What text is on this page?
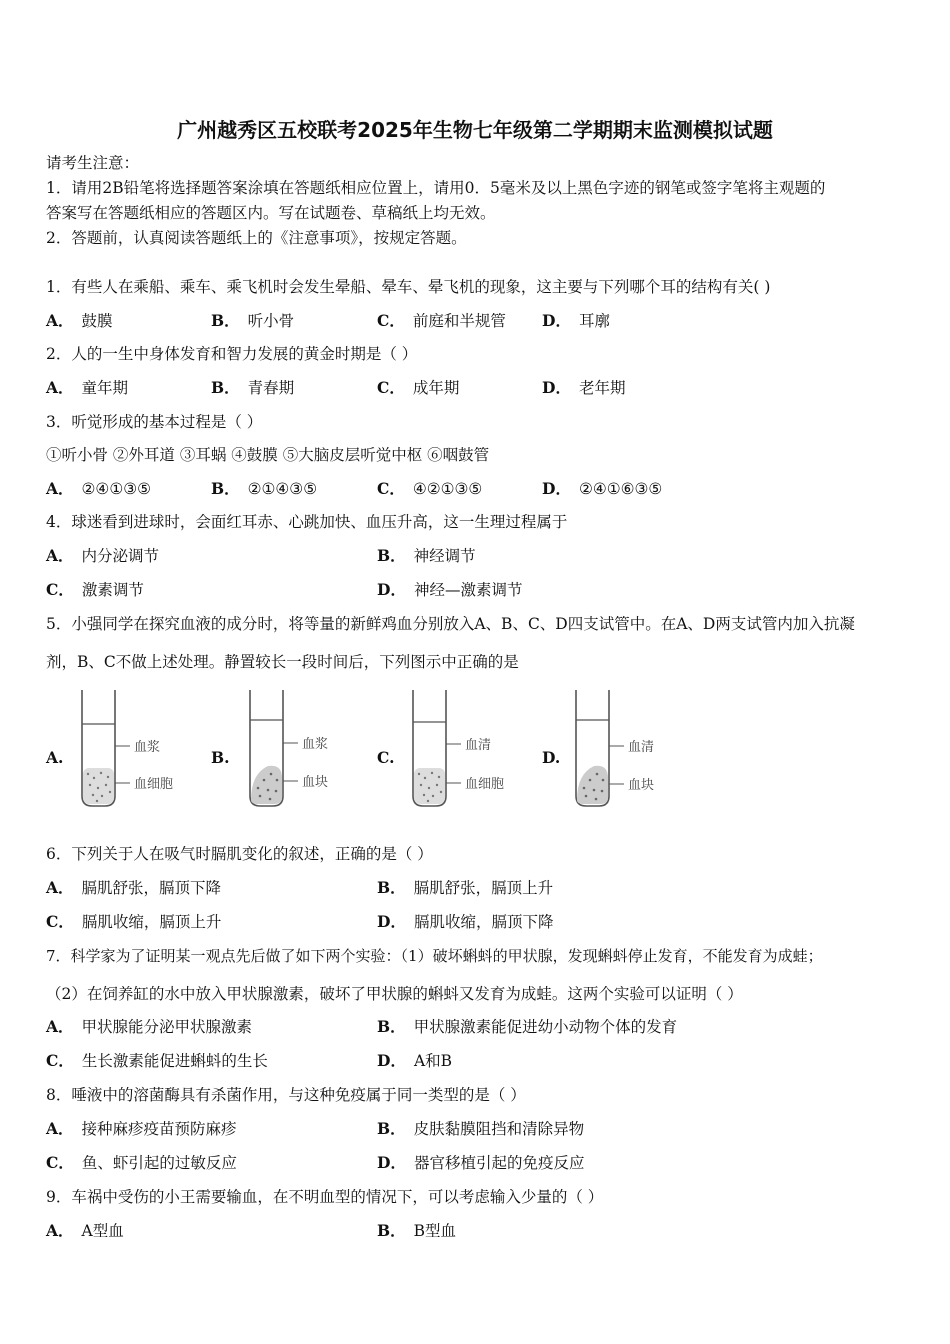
广州越秀区五校联考2025年生物七年级第二学期期末监测模拟试题
请考生注意：
1．请用2B铅笔将选择题答案涂填在答题纸相应位置上，请用0．5毫米及以上黑色字迹的钢笔或签字笔将主观题的
答案写在答题纸相应的答题区内。写在试题卷、草稿纸上均无效。
2．答题前，认真阅读答题纸上的《注意事项》，按规定答题。
1．有些人在乘船、乘车、乘飞机时会发生晕船、晕车、晕飞机的现象，这主要与下列哪个耳的结构有关( )
A． 鼓膜	B． 听小骨	C． 前庭和半规管 D． 耳廓
2．人的一生中身体发育和智力发展的黄金时期是（ ）
A． 童年期	B． 青春期	C． 成年期	D． 老年期
3．听觉形成的基本过程是（ ）
①听小骨 ②外耳道 ③耳蜗 ④鼓膜 ⑤大脑皮层听觉中枢 ⑥咽鼓管
A． ②④①③⑤	B． ②①④③⑤	C． ④②①③⑤	D． ②④①⑥③⑤
4．球迷看到进球时，会面红耳赤、心跳加快、血压升高，这一生理过程属于
A． 内分泌调节	B． 神经调节
C． 激素调节	D． 神经—激素调节
5．小强同学在探究血液的成分时，将等量的新鲜鸡血分别放入A、B、C、D四支试管中。在A、D两支试管内加入抗凝
剂，B、C不做上述处理。静置较长一段时间后，下列图示中正确的是
A.
血浆
血细胞
B.
血浆
血块
C.
血清
血细胞
D.
血清
血块
6．下列关于人在吸气时膈肌变化的叙述，正确的是（ ）
A． 膈肌舒张，膈顶下降	B． 膈肌舒张，膈顶上升
C． 膈肌收缩，膈顶上升	D． 膈肌收缩，膈顶下降
7．科学家为了证明某一观点先后做了如下两个实验：（1）破坏蝌蚪的甲状腺，发现蝌蚪停止发育，不能发育为成蛙；
（2）在饲养缸的水中放入甲状腺激素，破坏了甲状腺的蝌蚪又发育为成蛙。这两个实验可以证明（ ）
A． 甲状腺能分泌甲状腺激素	B． 甲状腺激素能促进幼小动物个体的发育
C． 生长激素能促进蝌蚪的生长	D． A和B
8．唾液中的溶菌酶具有杀菌作用，与这种免疫属于同一类型的是（ ）
A． 接种麻疹疫苗预防麻疹	B． 皮肤黏膜阻挡和清除异物
C． 鱼、虾引起的过敏反应	D． 器官移植引起的免疫反应
9．车祸中受伤的小王需要输血，在不明血型的情况下，可以考虑输入少量的（ ）
A． A型血	B． B型血
